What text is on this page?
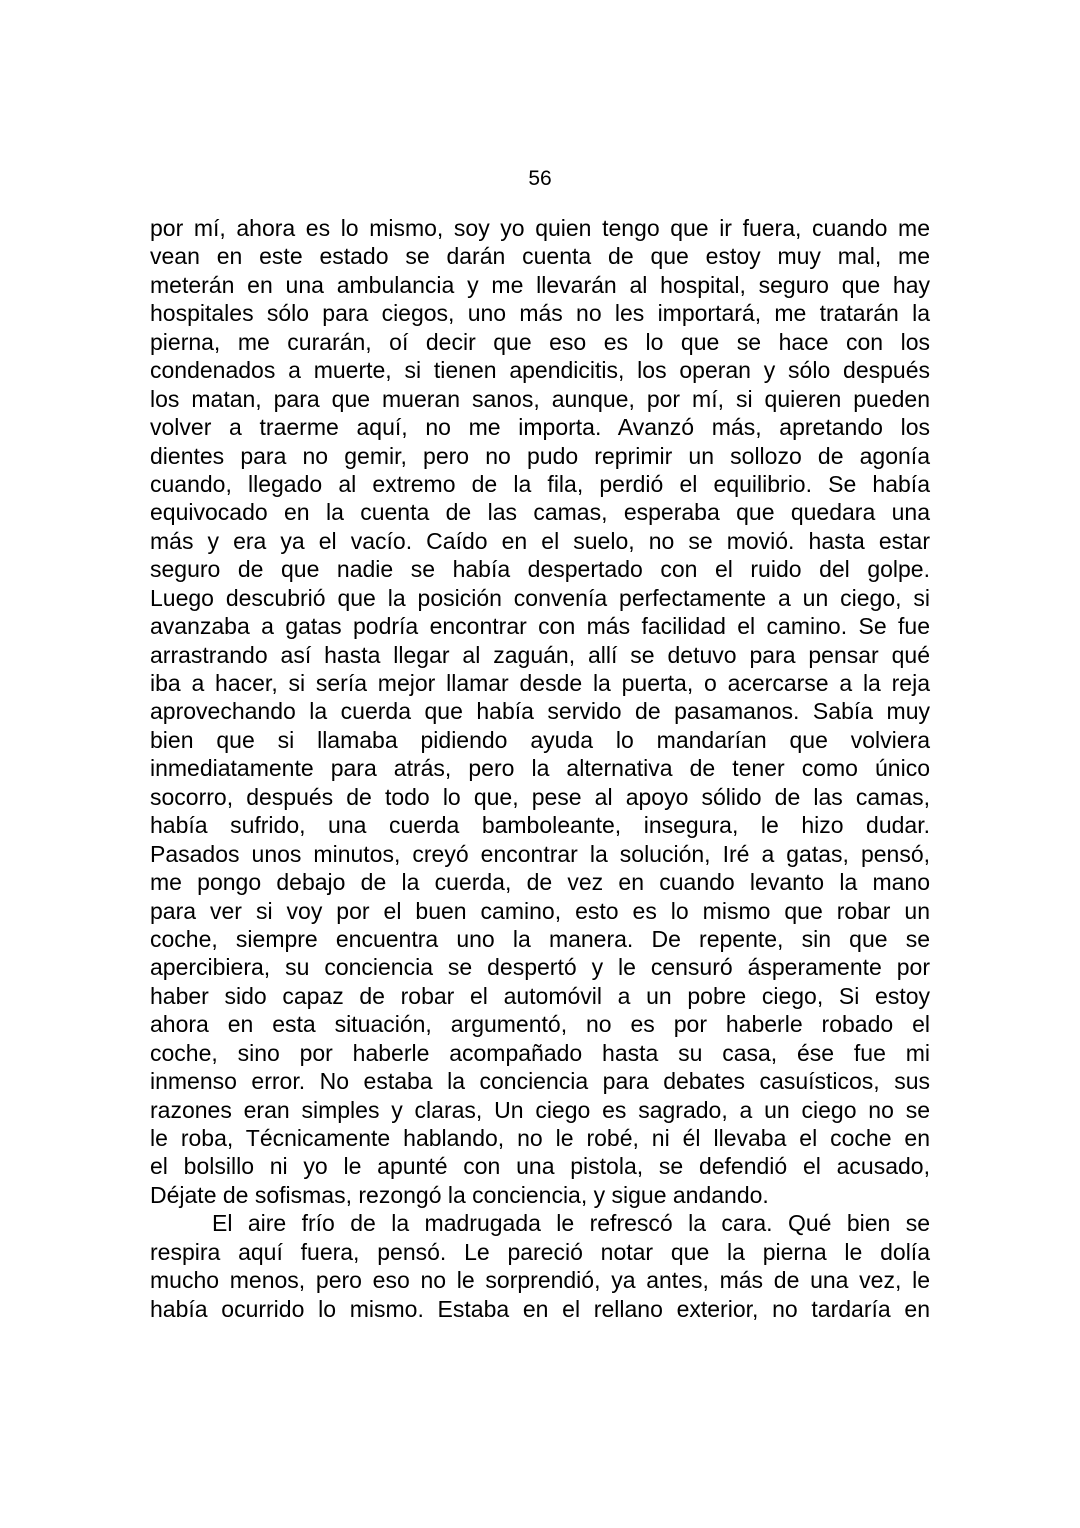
56
por mí, ahora es lo mismo, soy yo quien tengo que ir fuera, cuando me
vean en este estado se darán cuenta de que estoy muy mal, me
meterán en una ambulancia y me llevarán al hospital, seguro que hay
hospitales sólo para ciegos, uno más no les importará, me tratarán la
pierna, me curarán, oí decir que eso es lo que se hace con los
condenados a muerte, si tienen apendicitis, los operan y sólo después
los matan, para que mueran sanos, aunque, por mí, si quieren pueden
volver a traerme aquí, no me importa. Avanzó más, apretando los
dientes para no gemir, pero no pudo reprimir un sollozo de agonía
cuando, llegado al extremo de la fila, perdió el equilibrio. Se había
equivocado en la cuenta de las camas, esperaba que quedara una
más y era ya el vacío. Caído en el suelo, no se movió. hasta estar
seguro de que nadie se había despertado con el ruido del golpe.
Luego descubrió que la posición convenía perfectamente a un ciego, si
avanzaba a gatas podría encontrar con más facilidad el camino. Se fue
arrastrando así hasta llegar al zaguán, allí se detuvo para pensar qué
iba a hacer, si sería mejor llamar desde la puerta, o acercarse a la reja
aprovechando la cuerda que había servido de pasamanos. Sabía muy
bien que si llamaba pidiendo ayuda lo mandarían que volviera
inmediatamente para atrás, pero la alternativa de tener como único
socorro, después de todo lo que, pese al apoyo sólido de las camas,
había sufrido, una cuerda bamboleante, insegura, le hizo dudar.
Pasados unos minutos, creyó encontrar la solución, Iré a gatas, pensó,
me pongo debajo de la cuerda, de vez en cuando levanto la mano
para ver si voy por el buen camino, esto es lo mismo que robar un
coche, siempre encuentra uno la manera. De repente, sin que se
apercibiera, su conciencia se despertó y le censuró ásperamente por
haber sido capaz de robar el automóvil a un pobre ciego, Si estoy
ahora en esta situación, argumentó, no es por haberle robado el
coche, sino por haberle acompañado hasta su casa, ése fue mi
inmenso error. No estaba la conciencia para debates casuísticos, sus
razones eran simples y claras, Un ciego es sagrado, a un ciego no se
le roba, Técnicamente hablando, no le robé, ni él llevaba el coche en
el bolsillo ni yo le apunté con una pistola, se defendió el acusado,
Déjate de sofismas, rezongó la conciencia, y sigue andando.
El aire frío de la madrugada le refrescó la cara. Qué bien se
respira aquí fuera, pensó. Le pareció notar que la pierna le dolía
mucho menos, pero eso no le sorprendió, ya antes, más de una vez, le
había ocurrido lo mismo. Estaba en el rellano exterior, no tardaría en
